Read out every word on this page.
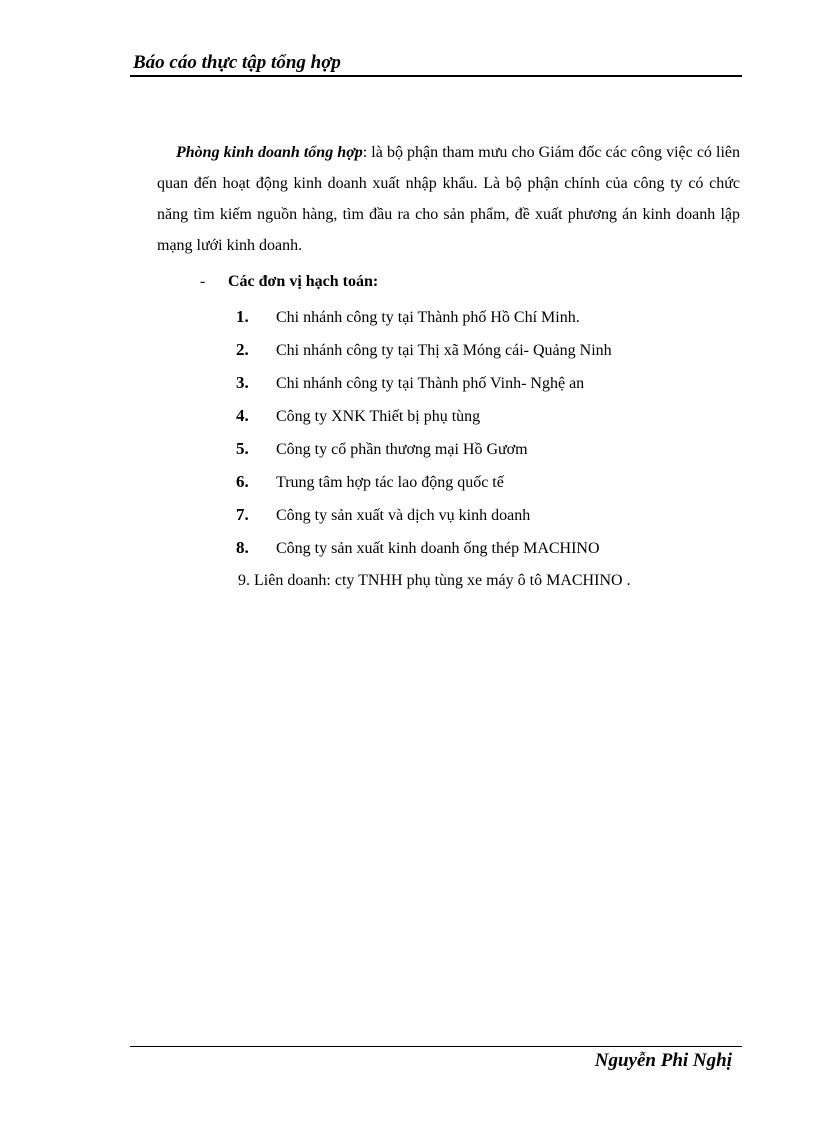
Báo cáo thực tập tổng hợp

Phòng kinh doanh tổng hợp: là bộ phận tham mưu cho Giám đốc các công việc có liên quan đến hoạt động kinh doanh xuất nhập khẩu. Là bộ phận chính của công ty có chức năng tìm kiếm nguồn hàng, tìm đầu ra cho sản phẩm, đề xuất phương án kinh doanh lập mạng lưới kinh doanh.

- Các đơn vị hạch toán:
1. Chi nhánh công ty tại Thành phố Hồ Chí Minh.
2. Chi nhánh công ty tại Thị xã Móng cái- Quảng Ninh
3. Chi nhánh công ty tại Thành phố Vinh- Nghệ an
4. Công ty XNK Thiết bị phụ tùng
5. Công ty cổ phần thương mại Hồ Gươm
6. Trung tâm hợp tác lao động quốc tế
7. Công ty sản xuất và dịch vụ kinh doanh
8. Công ty sản xuất kinh doanh ống thép MACHINO
9. Liên doanh: cty TNHH phụ tùng xe máy ô tô MACHINO .
Nguyễn Phi Nghị
